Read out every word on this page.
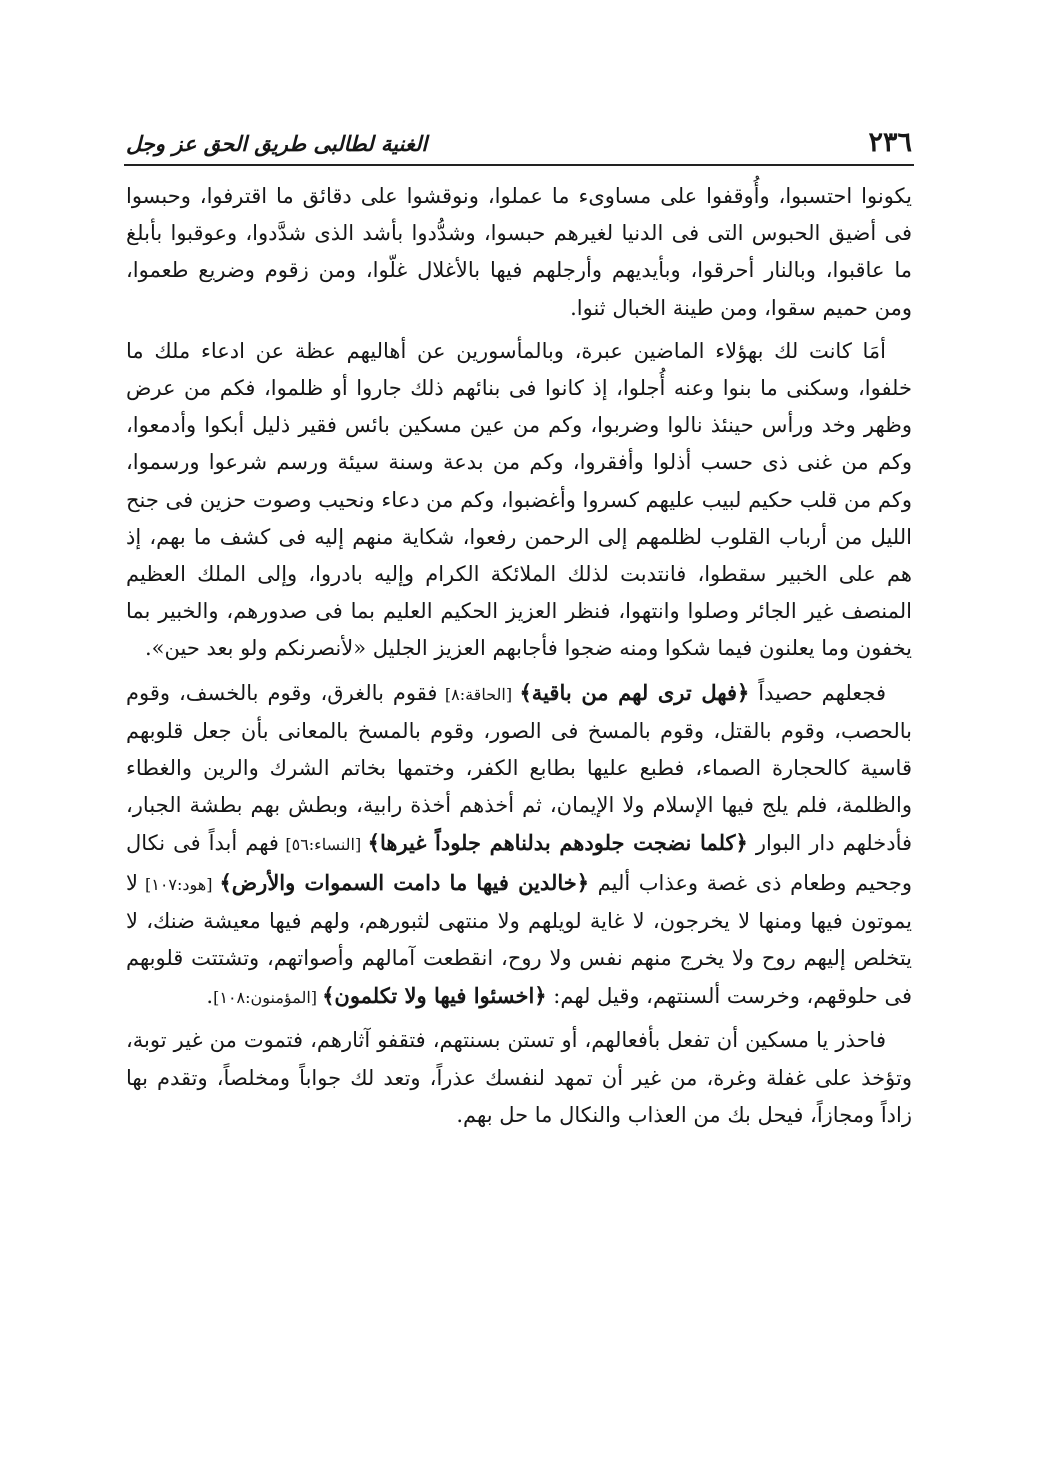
٢٣٦
الغنية لطالبى طريق الحق عز وجل

يكونوا احتسبوا، وأُوقفوا على مساوىء ما عملوا، ونوقشوا على دقائق ما اقترفوا، وحبسوا فى أضيق الحبوس التى فى الدنيا لغيرهم حبسوا، وشدُّدوا بأشد الذى شدَّدوا، وعوقبوا بأبلغ ما عاقبوا، وبالنار أحرقوا، وبأيديهم وأرجلهم فيها بالأغلال غلّوا، ومن زقوم وضريع طعموا، ومن حميم سقوا، ومن طينة الخبال ثنوا.

أمَا كانت لك بهؤلاء الماضين عبرة، وبالمأسورين عن أهاليهم عظة عن ادعاء ملك ما خلفوا، وسكنى ما بنوا وعنه أُجلوا، إذ كانوا فى بنائهم ذلك جاروا أو ظلموا، فكم من عرض وظهر وخد ورأس حينئذ نالوا وضربوا، وكم من عين مسكين بائس فقير ذليل أبكوا وأدمعوا، وكم من غنى ذى حسب أذلوا وأفقروا، وكم من بدعة وسنة سيئة ورسم شرعوا ورسموا، وكم من قلب حكيم لبيب عليهم كسروا وأغضبوا، وكم من دعاء ونحيب وصوت حزين فى جنح الليل من أرباب القلوب لظلمهم إلى الرحمن رفعوا، شكاية منهم إليه فى كشف ما بهم، إذ هم على الخبير سقطوا، فانتدبت لذلك الملائكة الكرام وإليه بادروا، وإلى الملك العظيم المنصف غير الجائر وصلوا وانتهوا، فنظر العزيز الحكيم العليم بما فى صدورهم، والخبير بما يخفون وما يعلنون فيما شكوا ومنه ضجوا فأجابهم العزيز الجليل «لأنصرنكم ولو بعد حين».

فجعلهم حصيداً ﴿فهل ترى لهم من باقية﴾ [الحاقة:٨] فقوم بالغرق، وقوم بالخسف، وقوم بالحصب، وقوم بالقتل، وقوم بالمسخ فى الصور، وقوم بالمسخ بالمعانى بأن جعل قلوبهم قاسية كالحجارة الصماء، فطبع عليها بطابع الكفر، وختمها بخاتم الشرك والرين والغطاء والظلمة، فلم يلج فيها الإسلام ولا الإيمان، ثم أخذهم أخذة رابية، وبطش بهم بطشة الجبار، فأدخلهم دار البوار ﴿كلما نضجت جلودهم بدلناهم جلوداً غيرها﴾ [النساء:٥٦] فهم أبداً فى نكال وجحيم وطعام ذى غصة وعذاب أليم ﴿خالدين فيها ما دامت السموات والأرض﴾ [هود:١٠٧] لا يموتون فيها ومنها لا يخرجون، لا غاية لويلهم ولا منتهى لثبورهم، ولهم فيها معيشة ضنك، لا يتخلص إليهم روح ولا يخرج منهم نفس ولا روح، انقطعت آمالهم وأصواتهم، وتشتتت قلوبهم فى حلوقهم، وخرست ألسنتهم، وقيل لهم: ﴿اخسئوا فيها ولا تكلمون﴾ [المؤمنون:١٠٨].

فاحذر يا مسكين أن تفعل بأفعالهم، أو تستن بسنتهم، فتقفو آثارهم، فتموت من غير توبة، وتؤخذ على غفلة وغرة، من غير أن تمهد لنفسك عذراً، وتعد لك جواباً ومخلصاً، وتقدم بها زاداً ومجازاً، فيحل بك من العذاب والنكال ما حل بهم.
